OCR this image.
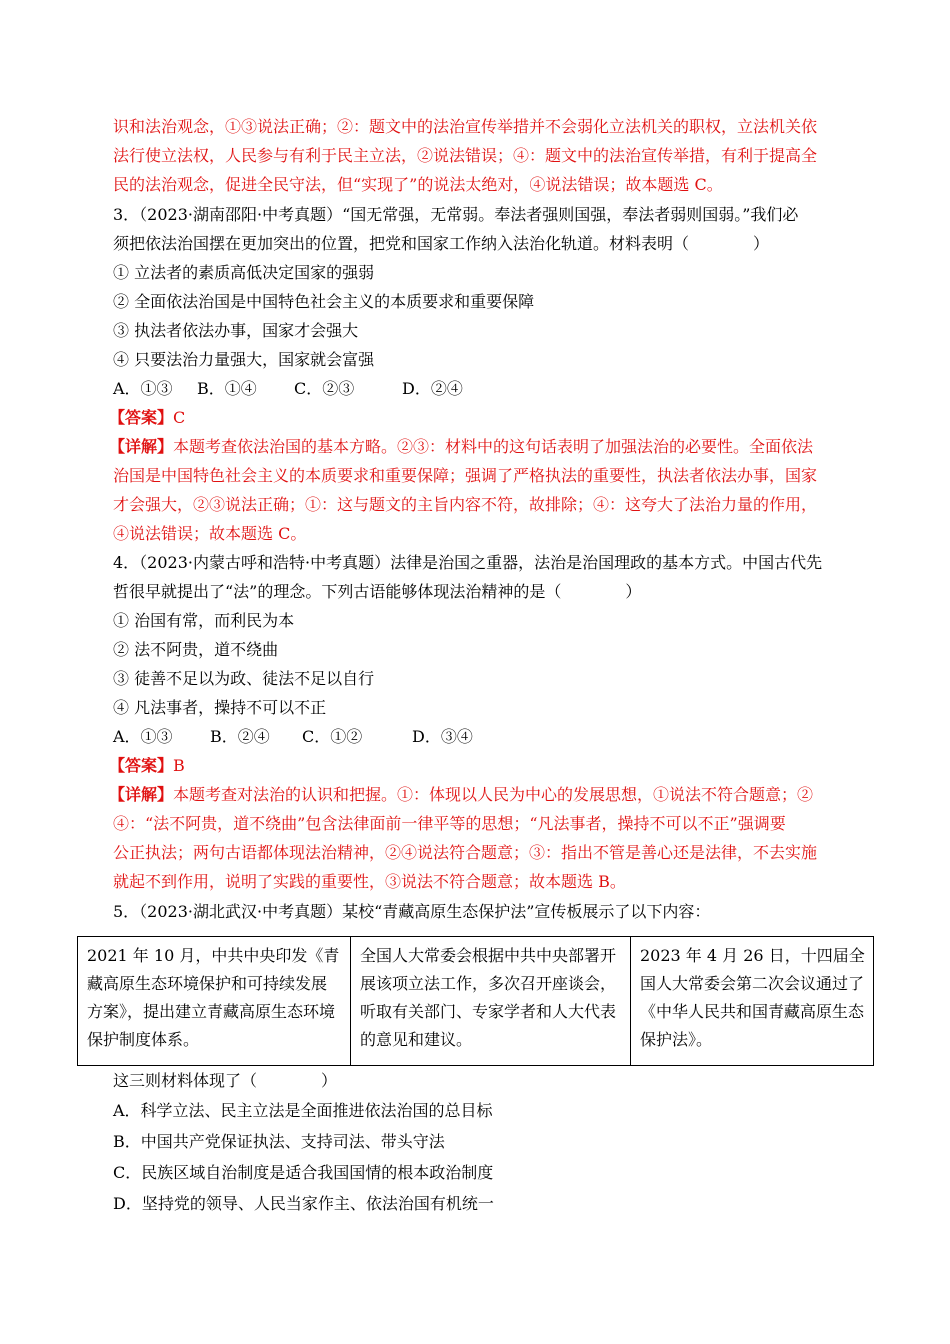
识和法治观念，①③说法正确；②：题文中的法治宣传举措并不会弱化立法机关的职权，立法机关依

法行使立法权，人民参与有利于民主立法，②说法错误；④：题文中的法治宣传举措，有利于提高全

民的法治观念，促进全民守法，但“实现了”的说法太绝对，④说法错误；故本题选 C。

3．（2023·湖南邵阳·中考真题）“国无常强，无常弱。奉法者强则国强，奉法者弱则国弱。”我们必

须把依法治国摆在更加突出的位置，把党和国家工作纳入法治化轨道。材料表明（　　　　）

① 立法者的素质高低决定国家的强弱

② 全面依法治国是中国特色社会主义的本质要求和重要保障

③ 执法者依法办事，国家才会强大

④ 只要法治力量强大，国家就会富强

A．①③ B．①④ C．②③	D．②④

【答案】C

【详解】本题考查依法治国的基本方略。②③：材料中的这句话表明了加强法治的必要性。全面依法

治国是中国特色社会主义的本质要求和重要保障；强调了严格执法的重要性，执法者依法办事，国家

才会强大，②③说法正确；①：这与题文的主旨内容不符，故排除；④：这夸大了法治力量的作用，

④说法错误；故本题选 C。

4．（2023·内蒙古呼和浩特·中考真题）法律是治国之重器，法治是治国理政的基本方式。中国古代先

哲很早就提出了“法”的理念。下列古语能够体现法治精神的是（　　　　）

① 治国有常，而利民为本

② 法不阿贵，道不绕曲

③ 徒善不足以为政、徒法不足以自行

④ 凡法事者，操持不可以不正

A．①③ B．②④ C．①②	D．③④

【答案】B

【详解】本题考查对法治的认识和把握。①：体现以人民为中心的发展思想，①说法不符合题意；②

④：“法不阿贵，道不绕曲”包含法律面前一律平等的思想；“凡法事者，操持不可以不正”强调要

公正执法；两句古语都体现法治精神，②④说法符合题意；③：指出不管是善心还是法律，不去实施

就起不到作用，说明了实践的重要性，③说法不符合题意；故本题选 B。

5．（2023·湖北武汉·中考真题）某校“青藏高原生态保护法”宣传板展示了以下内容：

2021 年 10 月，中共中央印发《青藏高原生态环境保护和可持续发展方案》，提出建立青藏高原生态环境保护制度体系。	全国人大常委会根据中共中央部署开展该项立法工作，多次召开座谈会，听取有关部门、专家学者和人大代表的意见和建议。	2023 年 4 月 26 日，十四届全国人大常委会第二次会议通过了《中华人民共和国青藏高原生态保护法》。

这三则材料体现了（　　　　）

A．科学立法、民主立法是全面推进依法治国的总目标

B．中国共产党保证执法、支持司法、带头守法

C．民族区域自治制度是适合我国国情的根本政治制度

D．坚持党的领导、人民当家作主、依法治国有机统一
